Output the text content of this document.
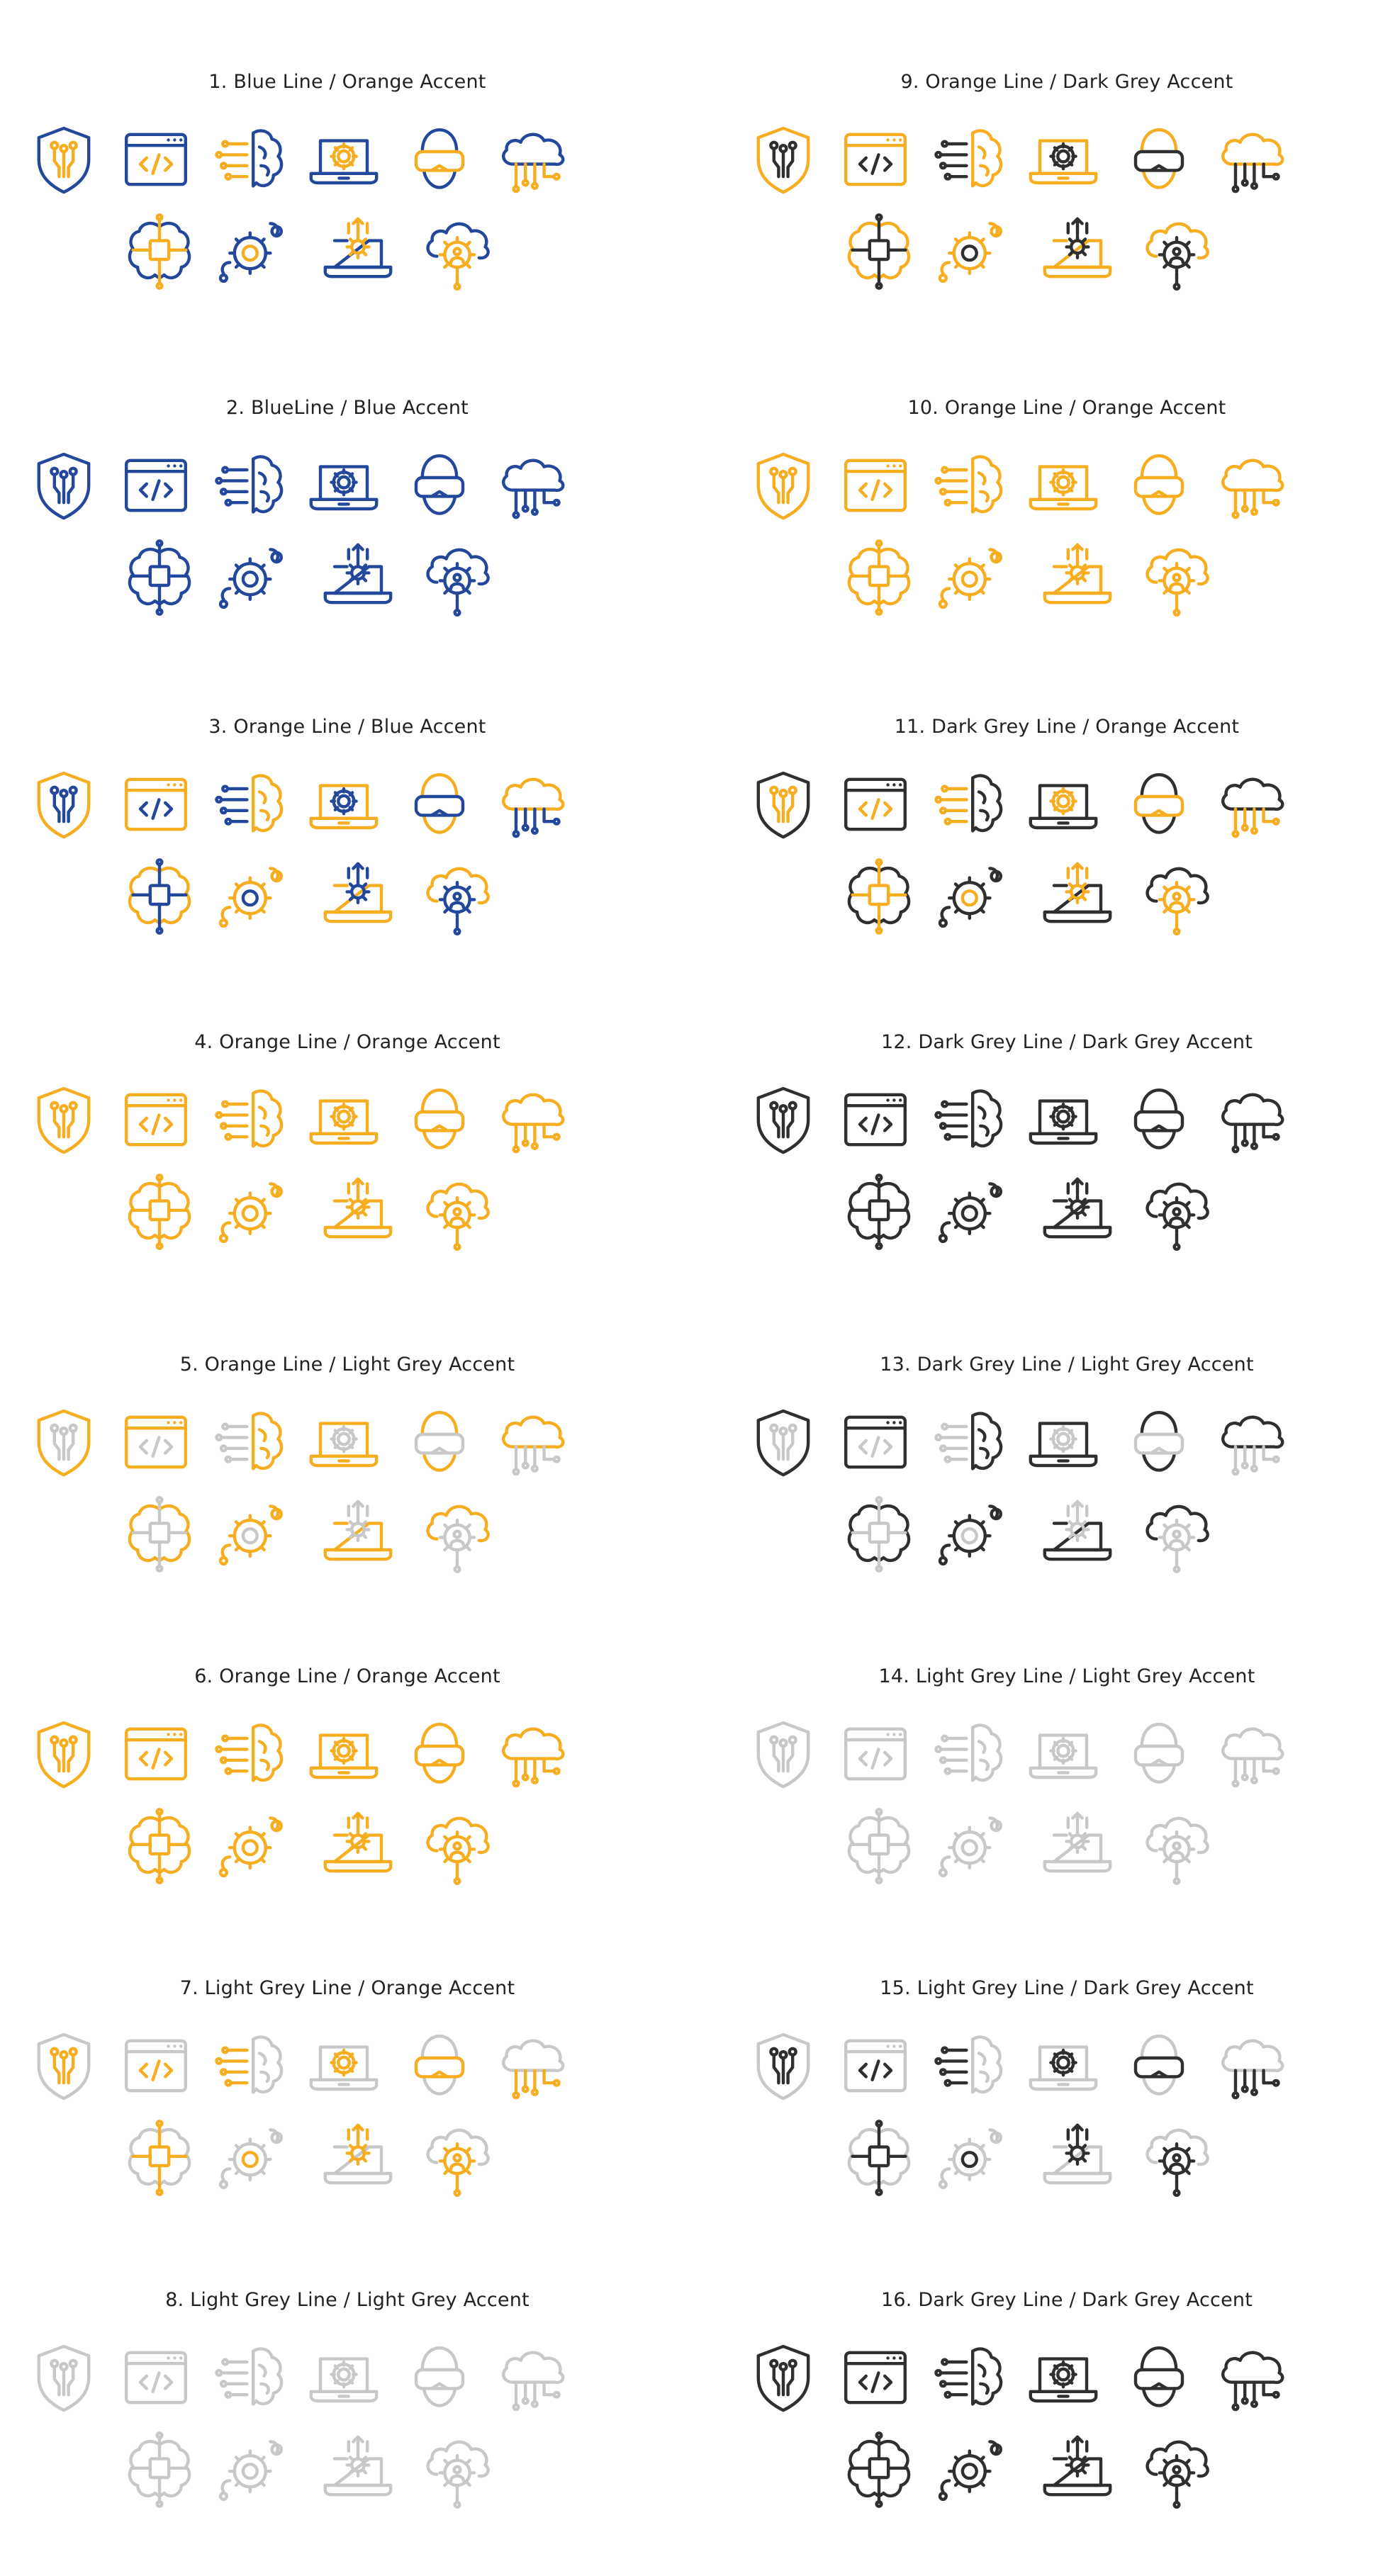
1. Blue Line / Orange Accent
2. BlueLine / Blue Accent
3. Orange Line / Blue Accent
4. Orange Line / Orange Accent
5. Orange Line / Light Grey Accent
6. Orange Line / Orange Accent
7. Light Grey Line / Orange Accent
8. Light Grey Line / Light Grey Accent
9. Orange Line / Dark Grey Accent
10. Orange Line / Orange Accent
11. Dark Grey Line / Orange Accent
12. Dark Grey Line / Dark Grey Accent
13. Dark Grey Line / Light Grey Accent
14. Light Grey Line / Light Grey Accent
15. Light Grey Line / Dark Grey Accent
16. Dark Grey Line / Dark Grey Accent
